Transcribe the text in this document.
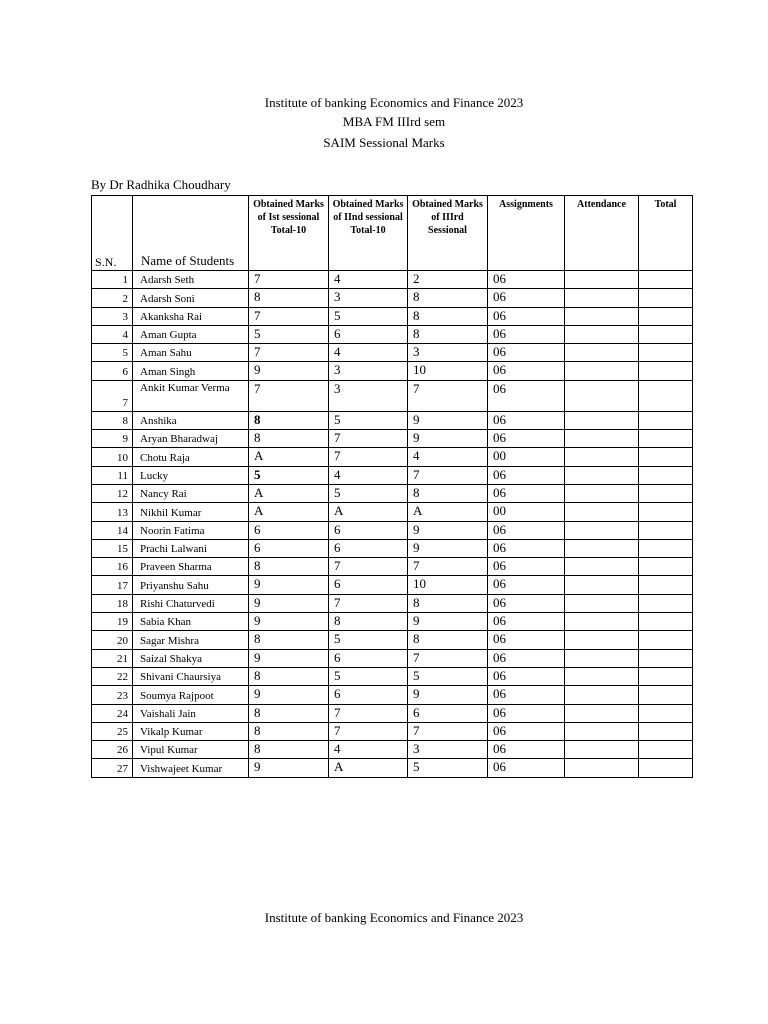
Institute of banking Economics and Finance 2023
MBA FM IIIrd sem
SAIM Sessional Marks
By Dr Radhika Choudhary
S.N.	Name of Students	Obtained Marks of Ist sessional Total-10	Obtained Marks of IInd sessional Total-10	Obtained Marks of IIIrd Sessional	Assignments	Attendance	Total
1	Adarsh Seth	7	4	2	06		
2	Adarsh Soni	8	3	8	06		
3	Akanksha Rai	7	5	8	06		
4	Aman Gupta	5	6	8	06		
5	Aman Sahu	7	4	3	06		
6	Aman Singh	9	3	10	06		
7	Ankit Kumar Verma	7	3	7	06		
8	Anshika	8	5	9	06		
9	Aryan Bharadwaj	8	7	9	06		
10	Chotu Raja	A	7	4	00		
11	Lucky	5	4	7	06		
12	Nancy Rai	A	5	8	06		
13	Nikhil Kumar	A	A	A	00		
14	Noorin Fatima	6	6	9	06		
15	Prachi Lalwani	6	6	9	06		
16	Praveen Sharma	8	7	7	06		
17	Priyanshu Sahu	9	6	10	06		
18	Rishi Chaturvedi	9	7	8	06		
19	Sabia Khan	9	8	9	06		
20	Sagar Mishra	8	5	8	06		
21	Saizal Shakya	9	6	7	06		
22	Shivani Chaursiya	8	5	5	06		
23	Soumya Rajpoot	9	6	9	06		
24	Vaishali Jain	8	7	6	06		
25	Vikalp Kumar	8	7	7	06		
26	Vipul Kumar	8	4	3	06		
27	Vishwajeet Kumar	9	A	5	06		
Institute of banking Economics and Finance 2023
